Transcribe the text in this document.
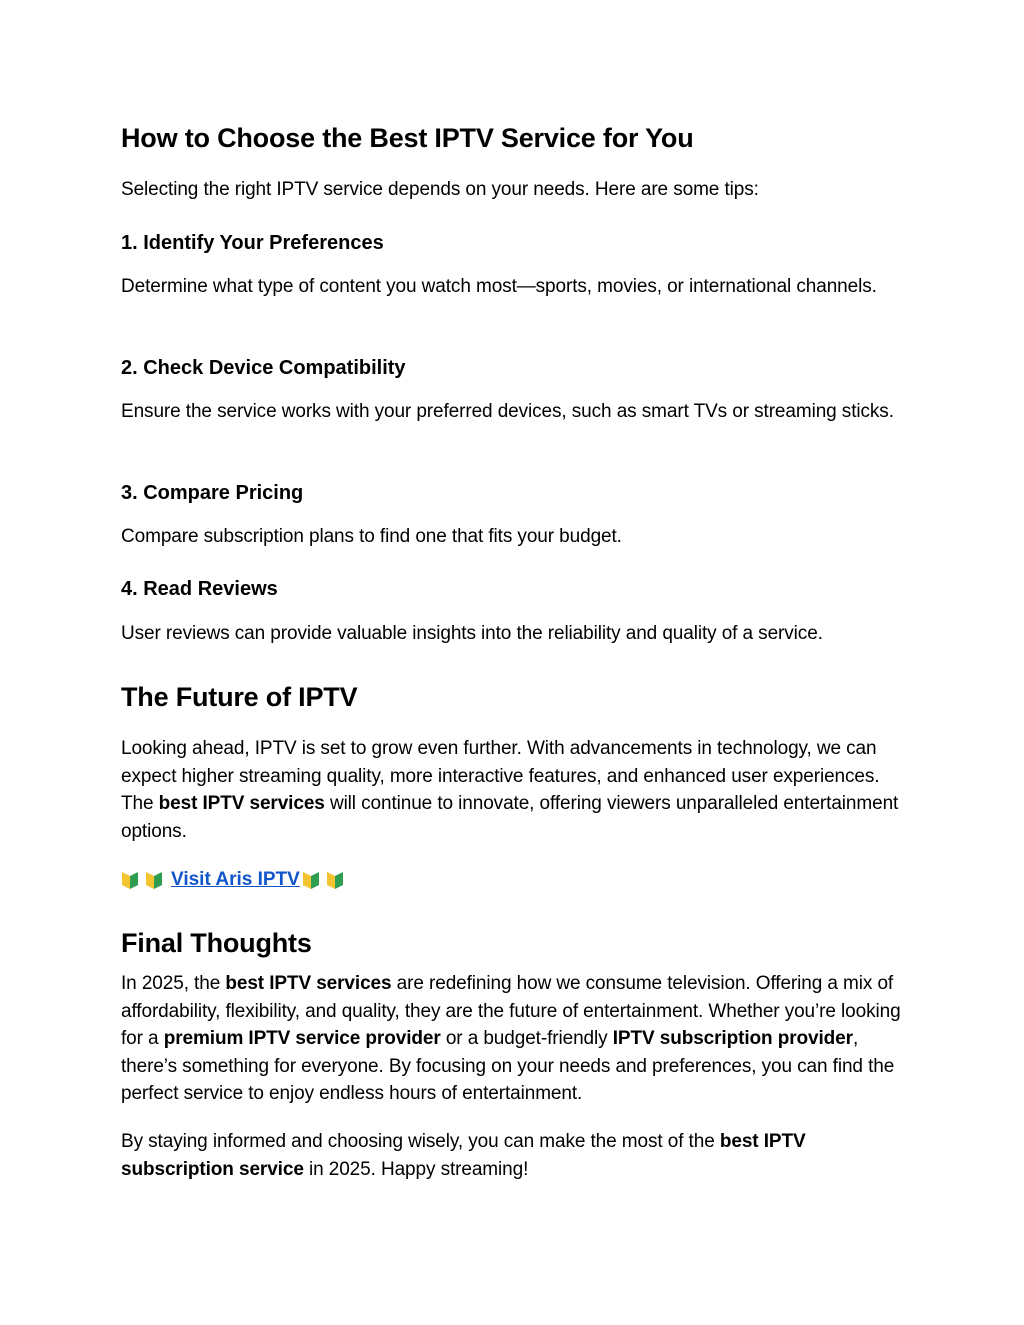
How to Choose the Best IPTV Service for You

Selecting the right IPTV service depends on your needs. Here are some tips:

1. Identify Your Preferences

Determine what type of content you watch most—sports, movies, or international channels.

2. Check Device Compatibility

Ensure the service works with your preferred devices, such as smart TVs or streaming sticks.

3. Compare Pricing

Compare subscription plans to find one that fits your budget.

4. Read Reviews

User reviews can provide valuable insights into the reliability and quality of a service.

The Future of IPTV

Looking ahead, IPTV is set to grow even further. With advancements in technology, we can expect higher streaming quality, more interactive features, and enhanced user experiences. The best IPTV services will continue to innovate, offering viewers unparalleled entertainment options.

Visit Aris IPTV
Final Thoughts

In 2025, the best IPTV services are redefining how we consume television. Offering a mix of affordability, flexibility, and quality, they are the future of entertainment. Whether you’re looking for a premium IPTV service provider or a budget-friendly IPTV subscription provider, there’s something for everyone. By focusing on your needs and preferences, you can find the perfect service to enjoy endless hours of entertainment.

By staying informed and choosing wisely, you can make the most of the best IPTV subscription service in 2025. Happy streaming!
